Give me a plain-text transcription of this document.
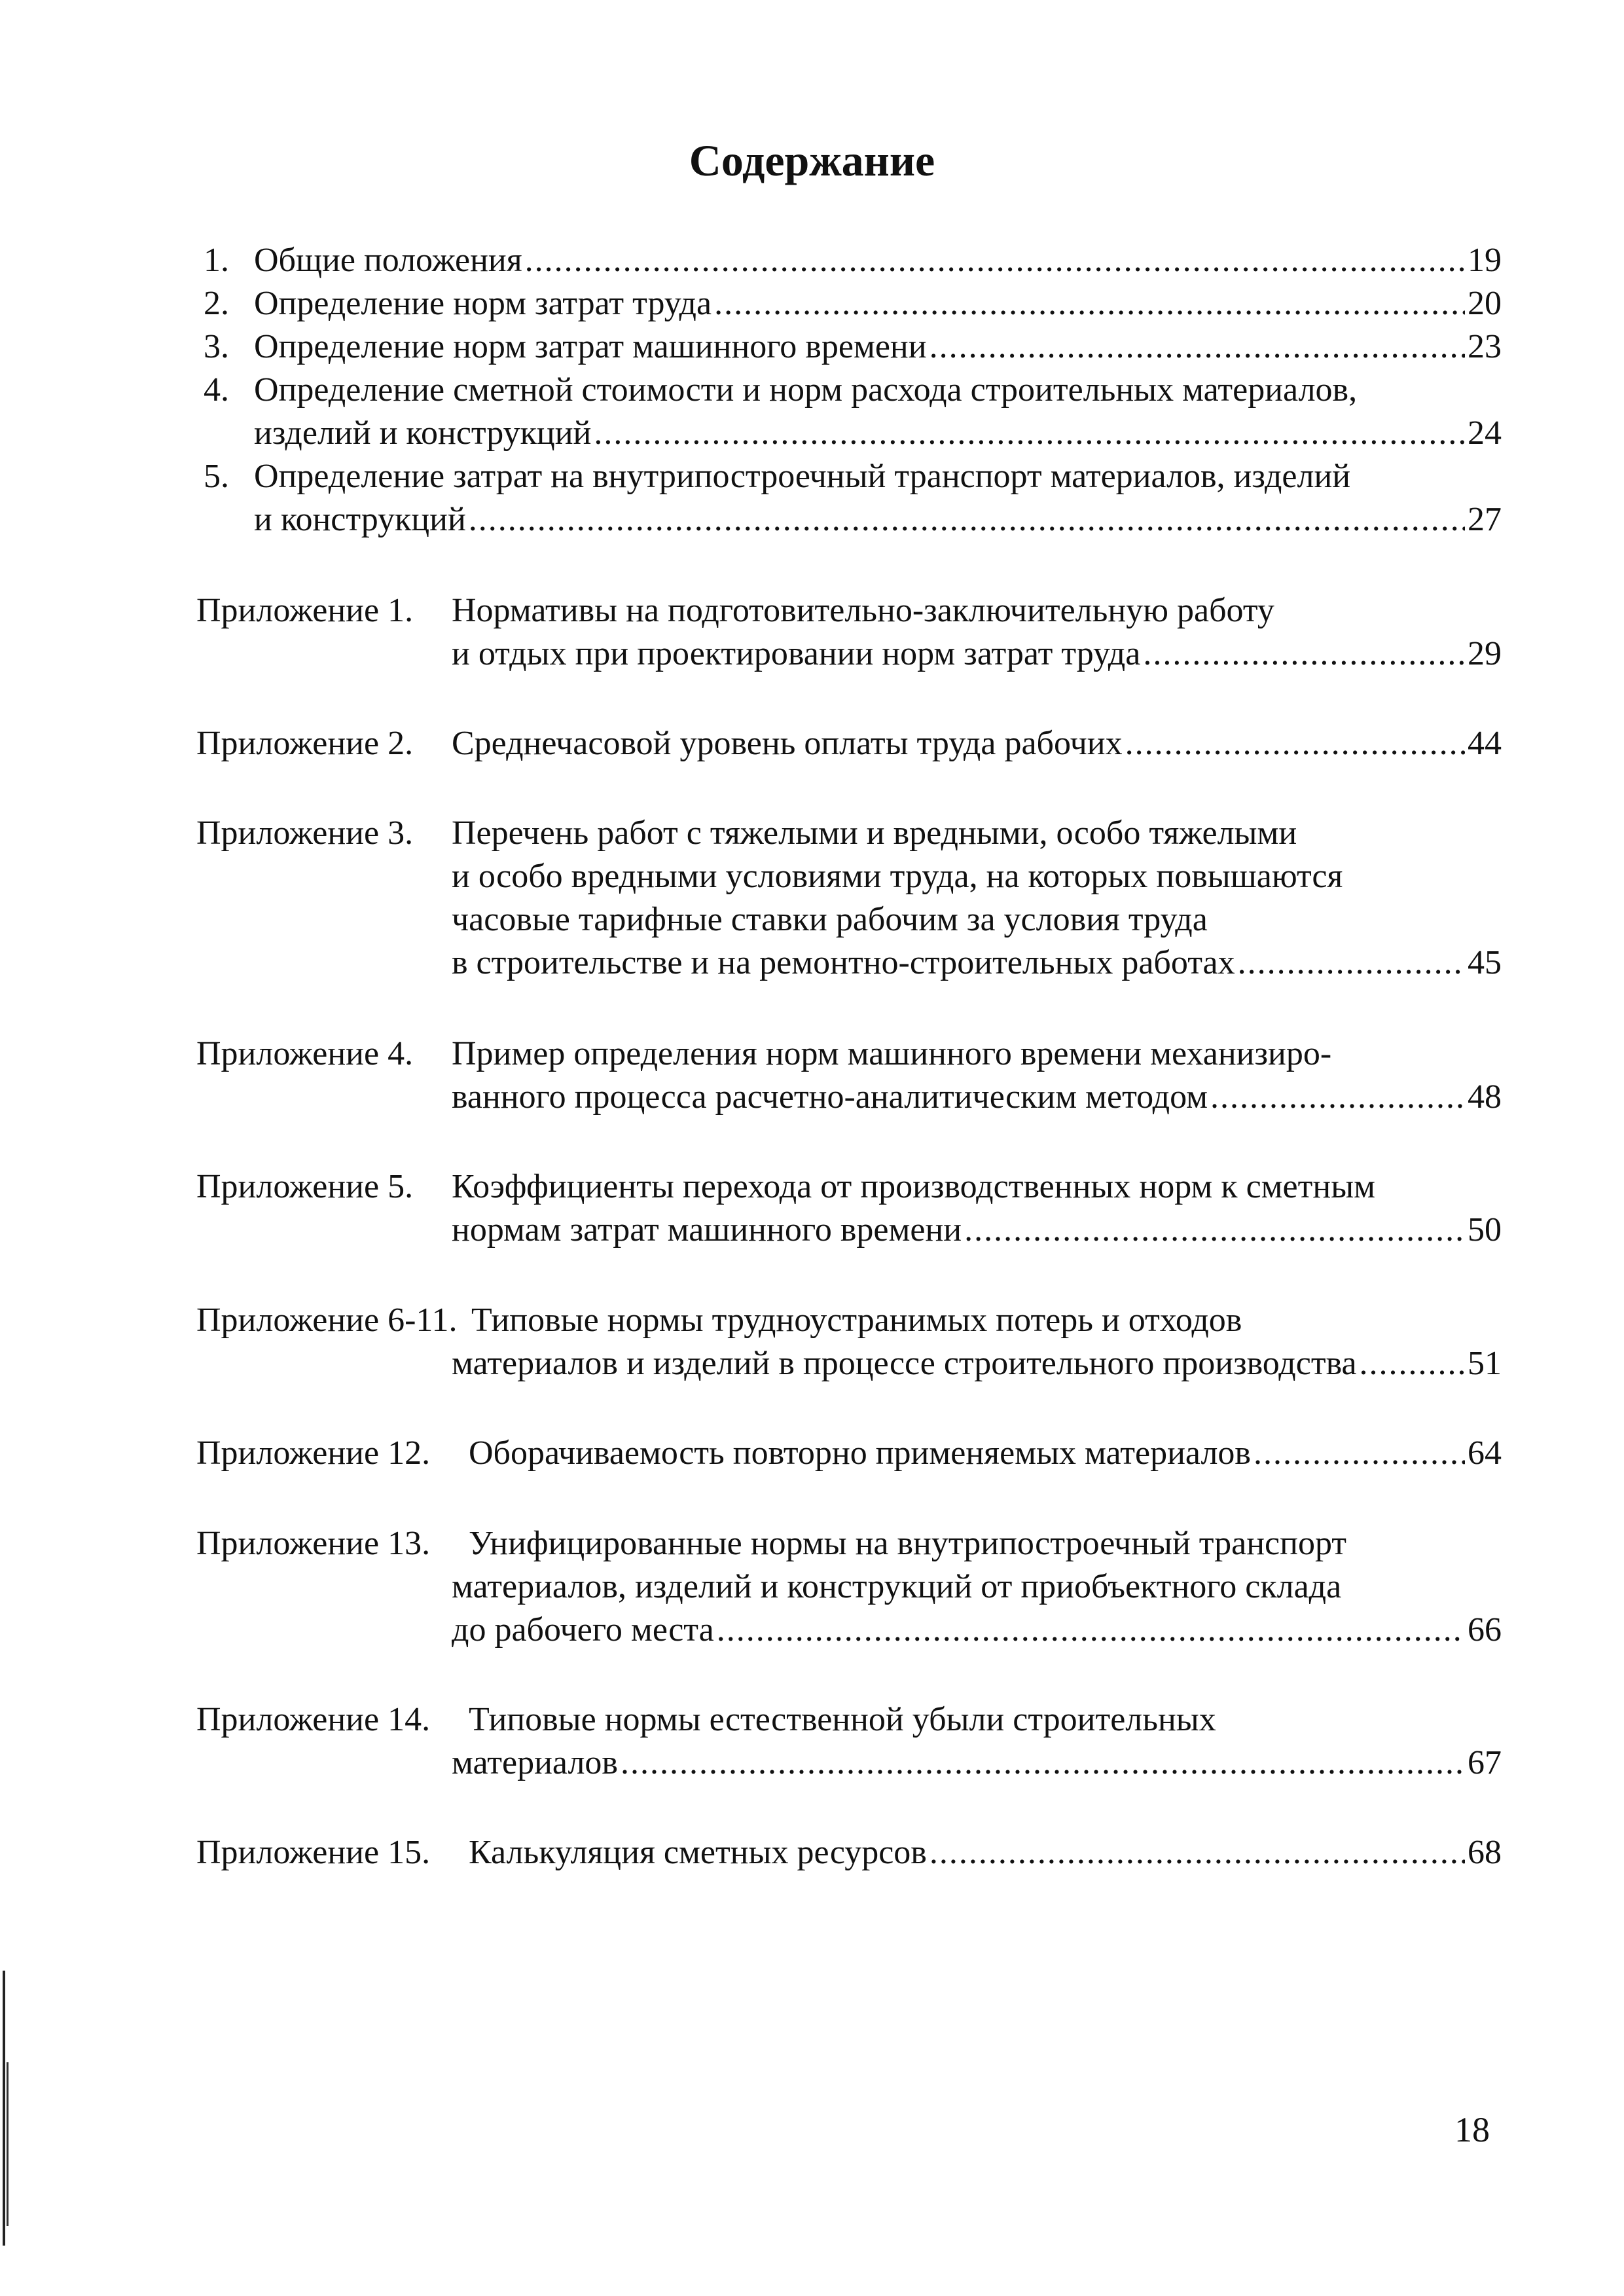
Содержание
1. Общие положения .....	19
2. Определение норм затрат труда .....	20
3. Определение норм затрат машинного времени .....	23
4. Определение сметной стоимости и норм расхода строительных материалов,
изделий и конструкций .....	24
5. Определение затрат на внутрипостроечный транспорт материалов, изделий
и конструкций .....	27
Приложение 1. Нормативы на подготовительно-заключительную работу
и отдых при проектировании норм затрат труда .....	29
Приложение 2. Среднечасовой уровень оплаты труда рабочих .....	44
Приложение 3. Перечень работ с тяжелыми и вредными, особо тяжелыми
и особо вредными условиями труда, на которых повышаются
часовые тарифные ставки рабочим за условия труда
в строительстве и на ремонтно-строительных работах .....	45
Приложение 4. Пример определения норм машинного времени механизиро-
ванного процесса расчетно-аналитическим методом .....	48
Приложение 5. Коэффициенты перехода от производственных норм к сметным
нормам затрат машинного времени .....	50
Приложение 6-11. Типовые нормы трудноустранимых потерь и отходов
материалов и изделий в процессе строительного производства .....	51
Приложение 12. Оборачиваемость повторно применяемых материалов .....	64
Приложение 13. Унифицированные нормы на внутрипостроечный транспорт
материалов, изделий и конструкций от приобъектного склада
до рабочего места .....	66
Приложение 14. Типовые нормы естественной убыли строительных
материалов .....	67
Приложение 15. Калькуляция сметных ресурсов .....	68
18
